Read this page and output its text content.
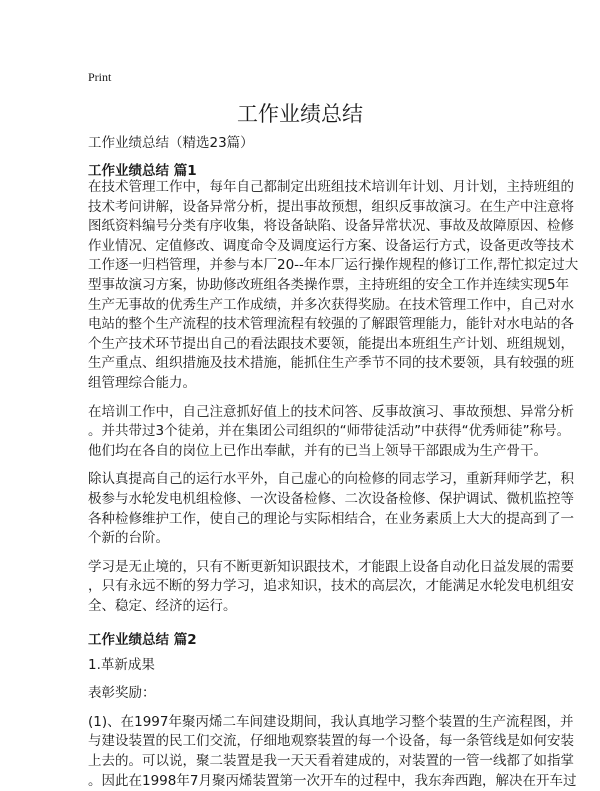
Print
工作业绩总结
工作业绩总结（精选23篇）
工作业绩总结 篇1
在技术管理工作中，每年自己都制定出班组技术培训年计划、月计划，主持班组的
技术考问讲解，设备异常分析，提出事故预想，组织反事故演习。在生产中注意将
图纸资料编号分类有序收集，将设备缺陷、设备异常状况、事故及故障原因、检修
作业情况、定值修改、调度命令及调度运行方案、设备运行方式，设备更改等技术
工作逐一归档管理，并参与本厂20--年本厂运行操作规程的修订工作,帮忙拟定过大
型事故演习方案，协助修改班组各类操作票，主持班组的安全工作并连续实现5年
生产无事故的优秀生产工作成绩，并多次获得奖励。在技术管理工作中，自己对水
电站的整个生产流程的技术管理流程有较强的了解跟管理能力，能针对水电站的各
个生产技术环节提出自己的看法跟技术要领，能提出本班组生产计划、班组规划，
生产重点、组织措施及技术措施，能抓住生产季节不同的技术要领，具有较强的班
组管理综合能力。
在培训工作中，自己注意抓好值上的技术问答、反事故演习、事故预想、异常分析
。并共带过3个徒弟，并在集团公司组织的“师带徒活动”中获得“优秀师徒”称号。
他们均在各自的岗位上已作出奉献，并有的已当上领导干部跟成为生产骨干。
除认真提高自己的运行水平外，自己虚心的向检修的同志学习，重新拜师学艺，积
极参与水轮发电机组检修、一次设备检修、二次设备检修、保护调试、微机监控等
各种检修维护工作，使自己的理论与实际相结合，在业务素质上大大的提高到了一
个新的台阶。
学习是无止境的，只有不断更新知识跟技术，才能跟上设备自动化日益发展的需要
，只有永远不断的努力学习，追求知识，技术的高层次，才能满足水轮发电机组安
全、稳定、经济的运行。
工作业绩总结 篇2
1.革新成果
表彰奖励：
(1)、在1997年聚丙烯二车间建设期间，我认真地学习整个装置的生产流程图，并
与建设装置的民工们交流，仔细地观察装置的每一个设备，每一条管线是如何安装
上去的。可以说，聚二装置是我一天天看着建成的，对装置的一管一线都了如指掌
。因此在1998年7月聚丙烯装置第一次开车的过程中，我东奔西跑，解决在开车过
